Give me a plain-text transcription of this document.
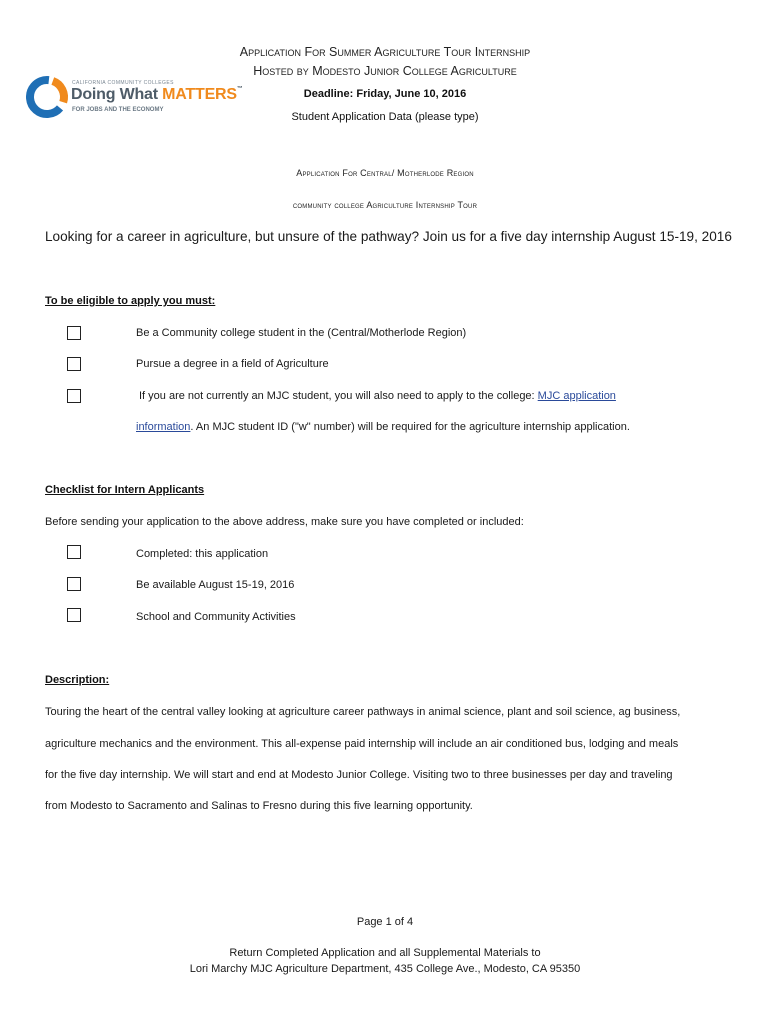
CALIFORNIA COMMUNITY COLLEGES
Doing What MATTERS™
FOR JOBS AND THE ECONOMY
Application For Summer Agriculture Tour Internship
Hosted by Modesto Junior College Agriculture
Deadline: Friday, June 10, 2016
Student Application Data (please type)
Application For Central/ Motherlode Region
community college Agriculture Internship Tour
Looking for a career in agriculture, but unsure of the pathway? Join us for a five day internship August 15-19, 2016
To be eligible to apply you must:
Be a Community college student in the (Central/Motherlode Region)
Pursue a degree in a field of Agriculture
If you are not currently an MJC student, you will also need to apply to the college: MJC application
information. An MJC student ID ("w" number) will be required for the agriculture internship application.
Checklist for Intern Applicants
Before sending your application to the above address, make sure you have completed or included:
Completed: this application
Be available August 15-19, 2016
School and Community Activities
Description:
Touring the heart of the central valley looking at agriculture career pathways in animal science, plant and soil science, ag business,
agriculture mechanics and the environment. This all-expense paid internship will include an air conditioned bus, lodging and meals
for the five day internship. We will start and end at Modesto Junior College. Visiting two to three businesses per day and traveling
from Modesto to Sacramento and Salinas to Fresno during this five learning opportunity.
Page 1 of 4
Return Completed Application and all Supplemental Materials to
Lori Marchy MJC Agriculture Department, 435 College Ave., Modesto, CA 95350
